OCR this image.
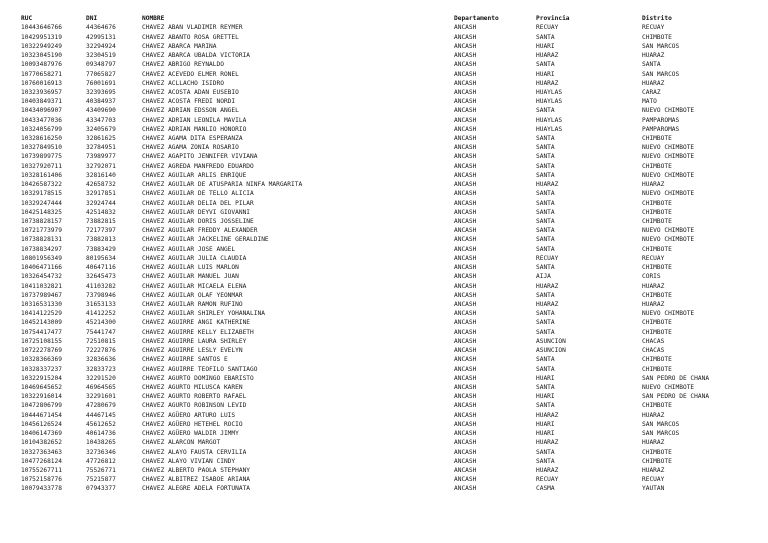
RUC	DNI	NOMBRE	Departamento	Provincia	Distrito
10443646766	44364676	CHAVEZ ABAN VLADIMIR REYMER	ANCASH	RECUAY	RECUAY
10429951319	42995131	CHAVEZ ABANTO ROSA GRETTEL	ANCASH	SANTA	CHIMBOTE
10322949249	32294924	CHAVEZ ABARCA MARINA	ANCASH	HUARI	SAN MARCOS
10323045190	32304519	CHAVEZ ABARCA UBALDA VICTORIA	ANCASH	HUARAZ	HUARAZ
10093487976	09348797	CHAVEZ ABRIGO REYNALDO	ANCASH	SANTA	SANTA
10770658271	77065827	CHAVEZ ACEVEDO ELMER RONEL	ANCASH	HUARI	SAN MARCOS
10760016913	76001691	CHAVEZ ACLLACHO ISIDRO	ANCASH	HUARAZ	HUARAZ
10323936957	32393695	CHAVEZ ACOSTA ADAN EUSEBIO	ANCASH	HUAYLAS	CARAZ
10403849371	40384937	CHAVEZ ACOSTA FREDI NORDI	ANCASH	HUAYLAS	MATO
10434096907	43409690	CHAVEZ ADRIAN EDSSON ANGEL	ANCASH	SANTA	NUEVO CHIMBOTE
10433477036	43347703	CHAVEZ ADRIAN LEONILA MAVILA	ANCASH	HUAYLAS	PAMPAROMAS
10324056799	32405679	CHAVEZ ADRIAN MANLIO HONORIO	ANCASH	HUAYLAS	PAMPAROMAS
10328616250	32861625	CHAVEZ AGAMA DITA ESPERANZA	ANCASH	SANTA	CHIMBOTE
10327849510	32784951	CHAVEZ AGAMA ZONIA ROSARIO	ANCASH	SANTA	NUEVO CHIMBOTE
10739899775	73989977	CHAVEZ AGAPITO JENNIFER VIVIANA	ANCASH	SANTA	NUEVO CHIMBOTE
10327920711	32792071	CHAVEZ AGREDA MANFREDO EDUARDO	ANCASH	SANTA	CHIMBOTE
10328161406	32816140	CHAVEZ AGUILAR ARLIS ENRIQUE	ANCASH	SANTA	NUEVO CHIMBOTE
10426587322	42658732	CHAVEZ AGUILAR DE ATUSPARIA NINFA MARGARITA	ANCASH	HUARAZ	HUARAZ
10329178515	32917851	CHAVEZ AGUILAR DE TELLO ALICIA	ANCASH	SANTA	NUEVO CHIMBOTE
10329247444	32924744	CHAVEZ AGUILAR DELIA DEL PILAR	ANCASH	SANTA	CHIMBOTE
10425148325	42514832	CHAVEZ AGUILAR DEYVI GIOVANNI	ANCASH	SANTA	CHIMBOTE
10738828157	73882815	CHAVEZ AGUILAR DORIS JOSSELINE	ANCASH	SANTA	CHIMBOTE
10721773979	72177397	CHAVEZ AGUILAR FREDDY ALEXANDER	ANCASH	SANTA	NUEVO CHIMBOTE
10738828131	73882813	CHAVEZ AGUILAR JACKELINE GERALDINE	ANCASH	SANTA	NUEVO CHIMBOTE
10738834297	73883429	CHAVEZ AGUILAR JOSE ANGEL	ANCASH	SANTA	CHIMBOTE
10801956349	80195634	CHAVEZ AGUILAR JULIA CLAUDIA	ANCASH	RECUAY	RECUAY
10406471166	40647116	CHAVEZ AGUILAR LUIS MARLON	ANCASH	SANTA	CHIMBOTE
10326454732	32645473	CHAVEZ AGUILAR MANUEL JUAN	ANCASH	AIJA	CORIS
10411032821	41103282	CHAVEZ AGUILAR MICAELA ELENA	ANCASH	HUARAZ	HUARAZ
10737989467	73798946	CHAVEZ AGUILAR OLAF YEONMAR	ANCASH	SANTA	CHIMBOTE
10316531330	31653133	CHAVEZ AGUILAR RAMON RUFINO	ANCASH	HUARAZ	HUARAZ
10414122529	41412252	CHAVEZ AGUILAR SHIRLEY YOHANALINA	ANCASH	SANTA	NUEVO CHIMBOTE
10452143009	45214300	CHAVEZ AGUIRRE ANGI KATHERINE	ANCASH	SANTA	CHIMBOTE
10754417477	75441747	CHAVEZ AGUIRRE KELLY ELIZABETH	ANCASH	SANTA	CHIMBOTE
10725108155	72510815	CHAVEZ AGUIRRE LAURA SHIRLEY	ANCASH	ASUNCION	CHACAS
10722278769	72227876	CHAVEZ AGUIRRE LESLY EVELYN	ANCASH	ASUNCION	CHACAS
10328366369	32836636	CHAVEZ AGUIRRE SANTOS E	ANCASH	SANTA	CHIMBOTE
10328337237	32833723	CHAVEZ AGUIRRE TEOFILO SANTIAGO	ANCASH	SANTA	CHIMBOTE
10322915204	32291520	CHAVEZ AGURTO DOMINGO EBARISTO	ANCASH	HUARI	SAN PEDRO DE CHANA
10469645652	46964565	CHAVEZ AGURTO MILUSCA KAREN	ANCASH	SANTA	NUEVO CHIMBOTE
10322916014	32291601	CHAVEZ AGURTO ROBERTO RAFAEL	ANCASH	HUARI	SAN PEDRO DE CHANA
10472806799	47280679	CHAVEZ AGURTO ROBINSON LEVID	ANCASH	SANTA	CHIMBOTE
10444671454	44467145	CHAVEZ AGÜERO ARTURO LUIS	ANCASH	HUARAZ	HUARAZ
10456126524	45612652	CHAVEZ AGÜERO HETEHEL ROCIO	ANCASH	HUARI	SAN MARCOS
10406147369	40614736	CHAVEZ AGÜERO WALDIR JIMMY	ANCASH	HUARI	SAN MARCOS
10104382652	10438265	CHAVEZ ALARCON MARGOT	ANCASH	HUARAZ	HUARAZ
10327363463	32736346	CHAVEZ ALAYO FAUSTA CERVILIA	ANCASH	SANTA	CHIMBOTE
10477268124	47726812	CHAVEZ ALAYO VIVIAN CINDY	ANCASH	SANTA	CHIMBOTE
10755267711	75526771	CHAVEZ ALBERTO PAOLA STEPHANY	ANCASH	HUARAZ	HUARAZ
10752158776	75215877	CHAVEZ ALBITREZ ISABOE ARIANA	ANCASH	RECUAY	RECUAY
10079433778	07943377	CHAVEZ ALEGRE ADELA FORTUNATA	ANCASH	CASMA	YAUTAN
